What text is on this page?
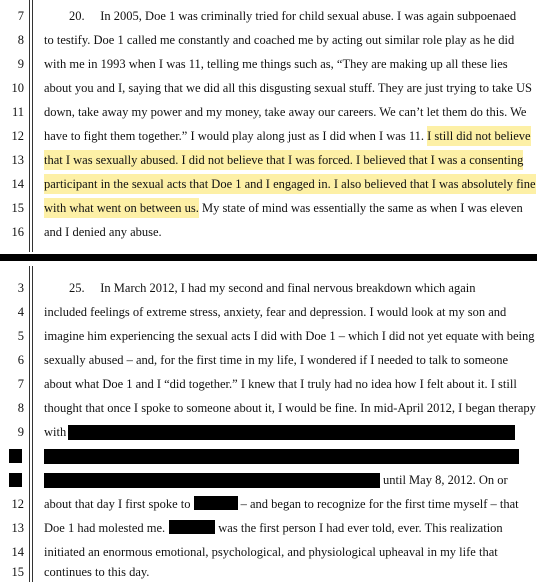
7 20.     In 2005, Doe 1 was criminally tried for child sexual abuse. I was again subpoenaed
8 to testify. Doe 1 called me constantly and coached me by acting out similar role play as he did
9 with me in 1993 when I was 11, telling me things such as, “They are making up all these lies
10 about you and I, saying that we did all this disgusting sexual stuff. They are just trying to take US
11 down, take away my power and my money, take away our careers. We can’t let them do this. We
12 have to fight them together.” I would play along just as I did when I was 11. I still did not believe
13 that I was sexually abused. I did not believe that I was forced. I believed that I was a consenting
14 participant in the sexual acts that Doe 1 and I engaged in. I also believed that I was absolutely fine
15 with what went on between us. My state of mind was essentially the same as when I was eleven
16 and I denied any abuse.
3 25.     In March 2012, I had my second and final nervous breakdown which again
4 included feelings of extreme stress, anxiety, fear and depression. I would look at my son and
5 imagine him experiencing the sexual acts I did with Doe 1 – which I did not yet equate with being
6 sexually abused – and, for the first time in my life, I wondered if I needed to talk to someone
7 about what Doe 1 and I “did together.” I knew that I truly had no idea how I felt about it. I still
8 thought that once I spoke to someone about it, I would be fine. In mid-April 2012, I began therapy
9 with
until May 8, 2012. On or
12 about that day I first spoke to	– and began to recognize for the first time myself – that
13 Doe 1 had molested me.	was the first person I had ever told, ever. This realization
14 initiated an enormous emotional, psychological, and physiological upheaval in my life that
15 continues to this day.
